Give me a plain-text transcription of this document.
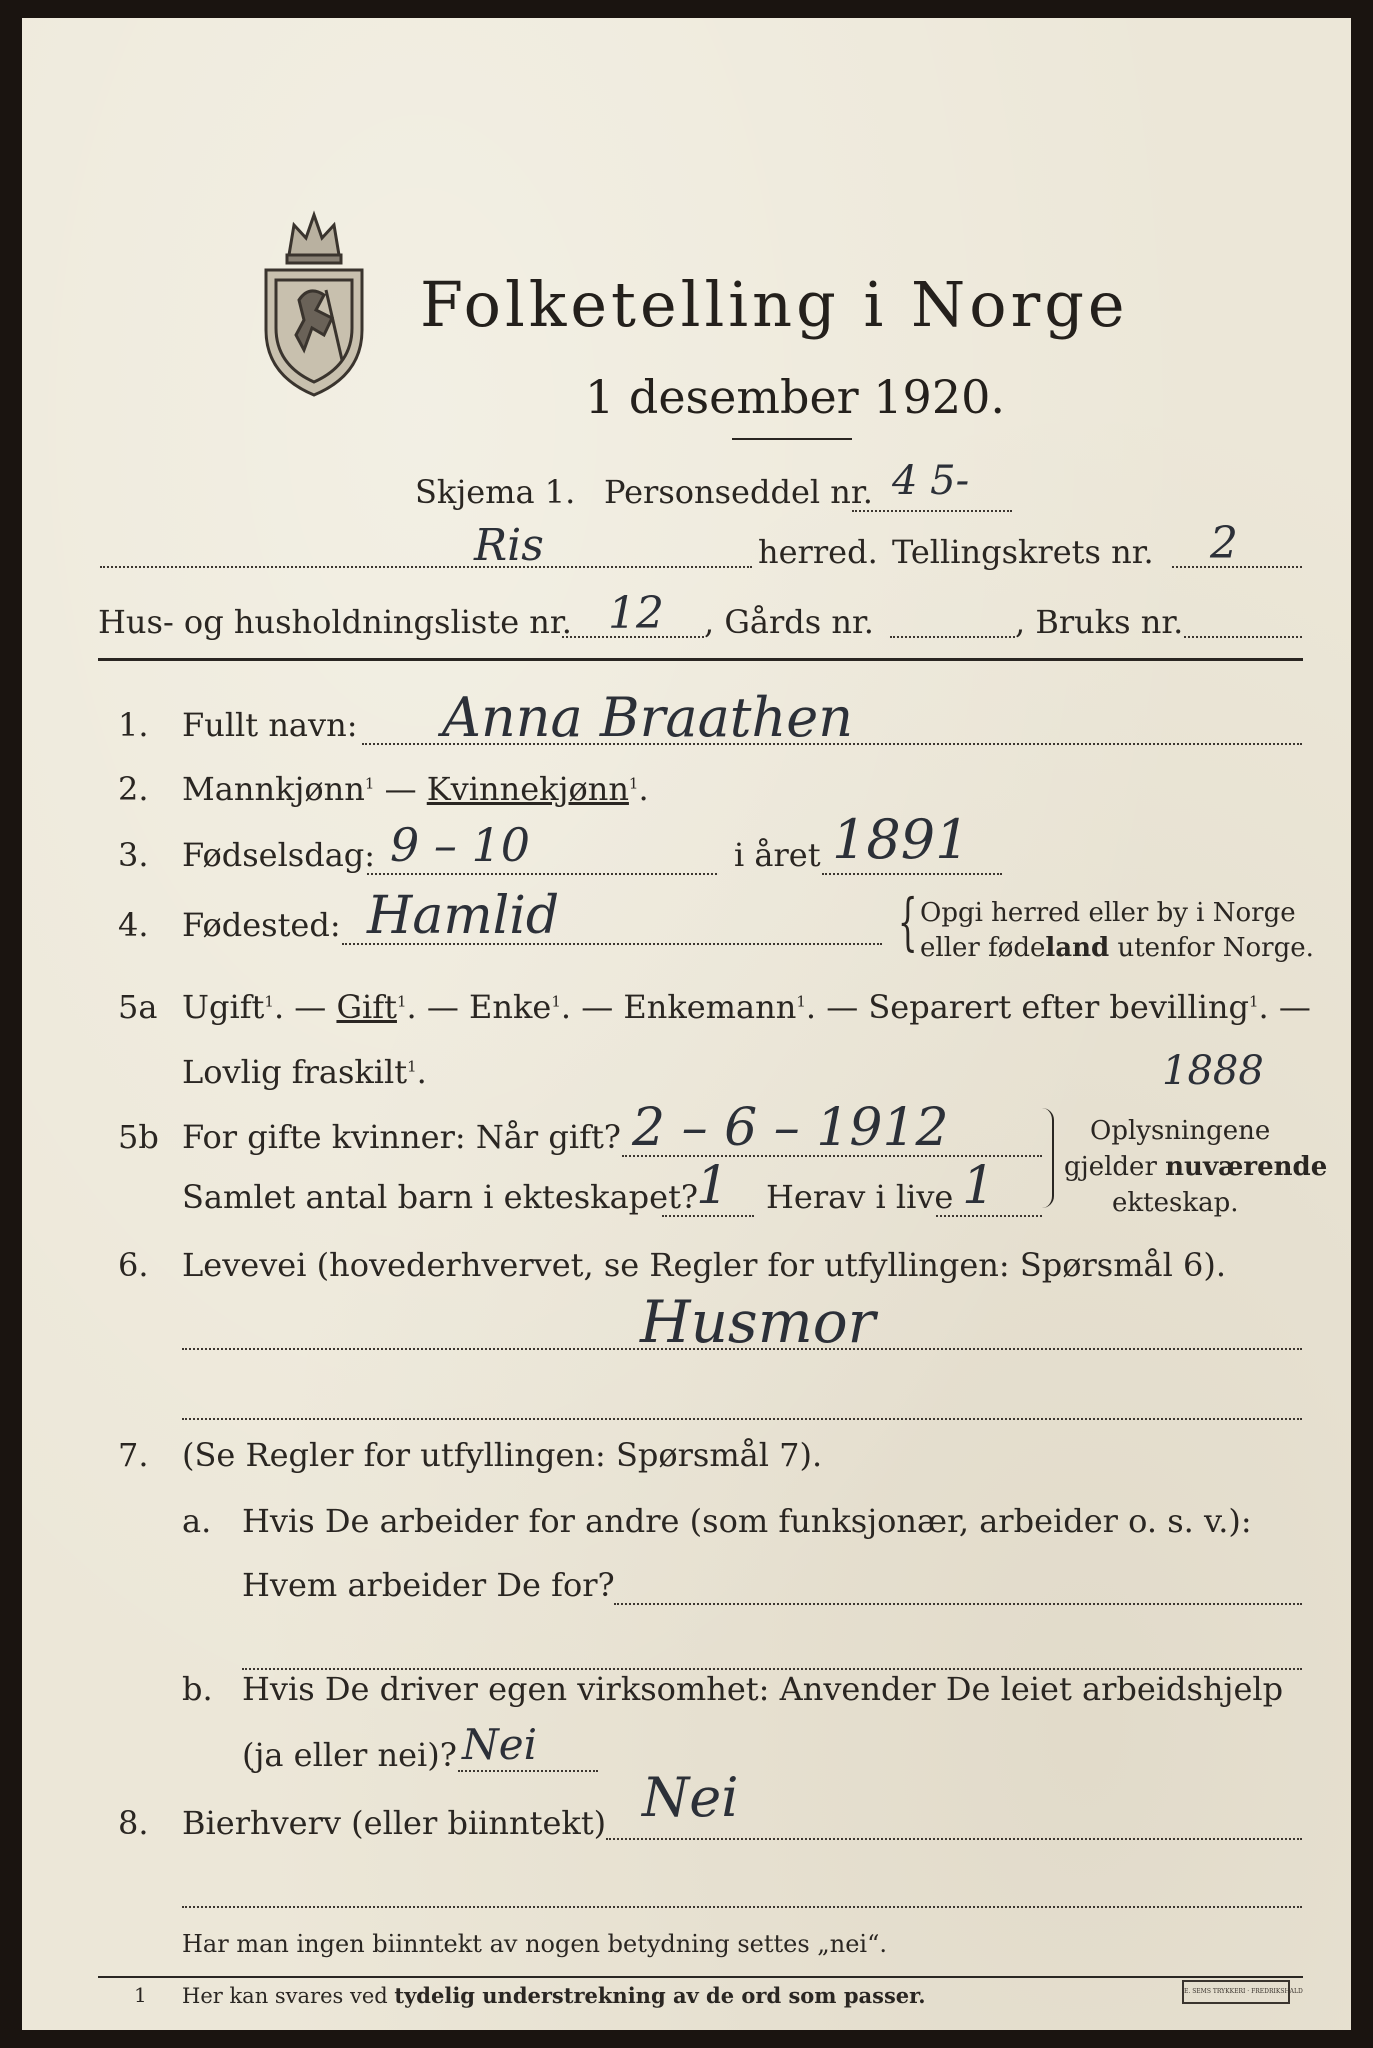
Folketelling i Norge
1 desember 1920.
Skjema 1. Personseddel nr. 4 5-
Ris	herred. Tellingskrets nr. 2
Hus- og husholdningsliste nr. 12 , Gårds nr.	, Bruks nr.
1. Fullt navn: Anna Braathen
2. Mannkjønn$^1$ — Kvinnekjønn$^1$.
3. Fødselsdag: 9 – 10	i året 1891
4. Fødested: Hamlid	{ Opgi herred eller by i Norge
eller fødeland utenfor Norge.
5a Ugift$^1$. — Gift$^1$. — Enke$^1$. — Enkemann$^1$. — Separert efter bevilling$^1$. —
Lovlig fraskilt$^1$.	1888
5b For gifte kvinner: Når gift? 2 – 6 – 1912
Samlet antal barn i ekteskapet?
1 Herav i live 1
Oplysningene
gjelder nuværende
ekteskap.
6. Levevei (hovederhvervet, se Regler for utfyllingen: Spørsmål 6).
Husmor
7. (Se Regler for utfyllingen: Spørsmål 7).
a. Hvis De arbeider for andre (som funksjonær, arbeider o. s. v.):
Hvem arbeider De for?
b. Hvis De driver egen virksomhet: Anvender De leiet arbeidshjelp
(ja eller nei)? Nei
8. Bierhverv (eller biinntekt) Nei
Har man ingen biinntekt av nogen betydning settes „nei“.
1 Her kan svares ved tydelig understrekning av de ord som passer.	E. SEMS TRYKKERI · FREDRIKSHALD
